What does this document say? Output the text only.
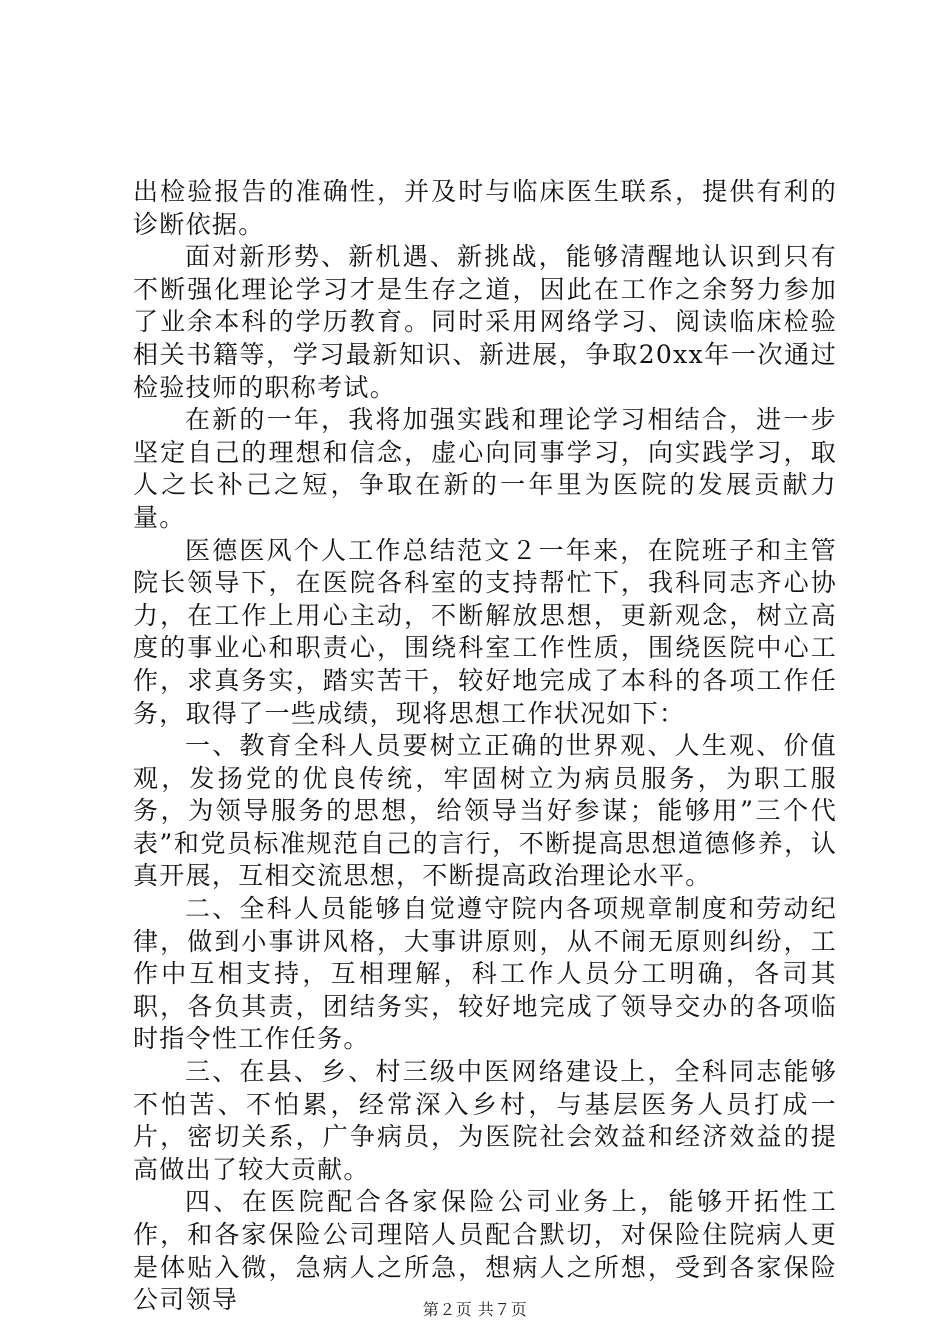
出检验报告的准确性，并及时与临床医生联系，提供有利的诊断依据。

面对新形势、新机遇、新挑战，能够清醒地认识到只有不断强化理论学习才是生存之道，因此在工作之余努力参加了业余本科的学历教育。同时采用网络学习、阅读临床检验相关书籍等，学习最新知识、新进展，争取20xx年一次通过检验技师的职称考试。

在新的一年，我将加强实践和理论学习相结合，进一步坚定自己的理想和信念，虚心向同事学习，向实践学习，取人之长补己之短，争取在新的一年里为医院的发展贡献力量。

医德医风个人工作总结范文２一年来，在院班子和主管院长领导下，在医院各科室的支持帮忙下，我科同志齐心协力，在工作上用心主动，不断解放思想，更新观念，树立高度的事业心和职责心，围绕科室工作性质，围绕医院中心工作，求真务实，踏实苦干，较好地完成了本科的各项工作任务，取得了一些成绩，现将思想工作状况如下：

一、教育全科人员要树立正确的世界观、人生观、价值观，发扬党的优良传统，牢固树立为病员服务，为职工服务，为领导服务的思想，给领导当好参谋；能够用”三个代表”和党员标准规范自己的言行，不断提高思想道德修养，认真开展，互相交流思想，不断提高政治理论水平。

二、全科人员能够自觉遵守院内各项规章制度和劳动纪律，做到小事讲风格，大事讲原则，从不闹无原则纠纷，工作中互相支持，互相理解，科工作人员分工明确，各司其职，各负其责，团结务实，较好地完成了领导交办的各项临时指令性工作任务。

三、在县、乡、村三级中医网络建设上，全科同志能够不怕苦、不怕累，经常深入乡村，与基层医务人员打成一片，密切关系，广争病员，为医院社会效益和经济效益的提高做出了较大贡献。

四、在医院配合各家保险公司业务上，能够开拓性工作，和各家保险公司理陪人员配合默切，对保险住院病人更是体贴入微，急病人之所急，想病人之所想，受到各家保险公司领导	第２页 共７页
